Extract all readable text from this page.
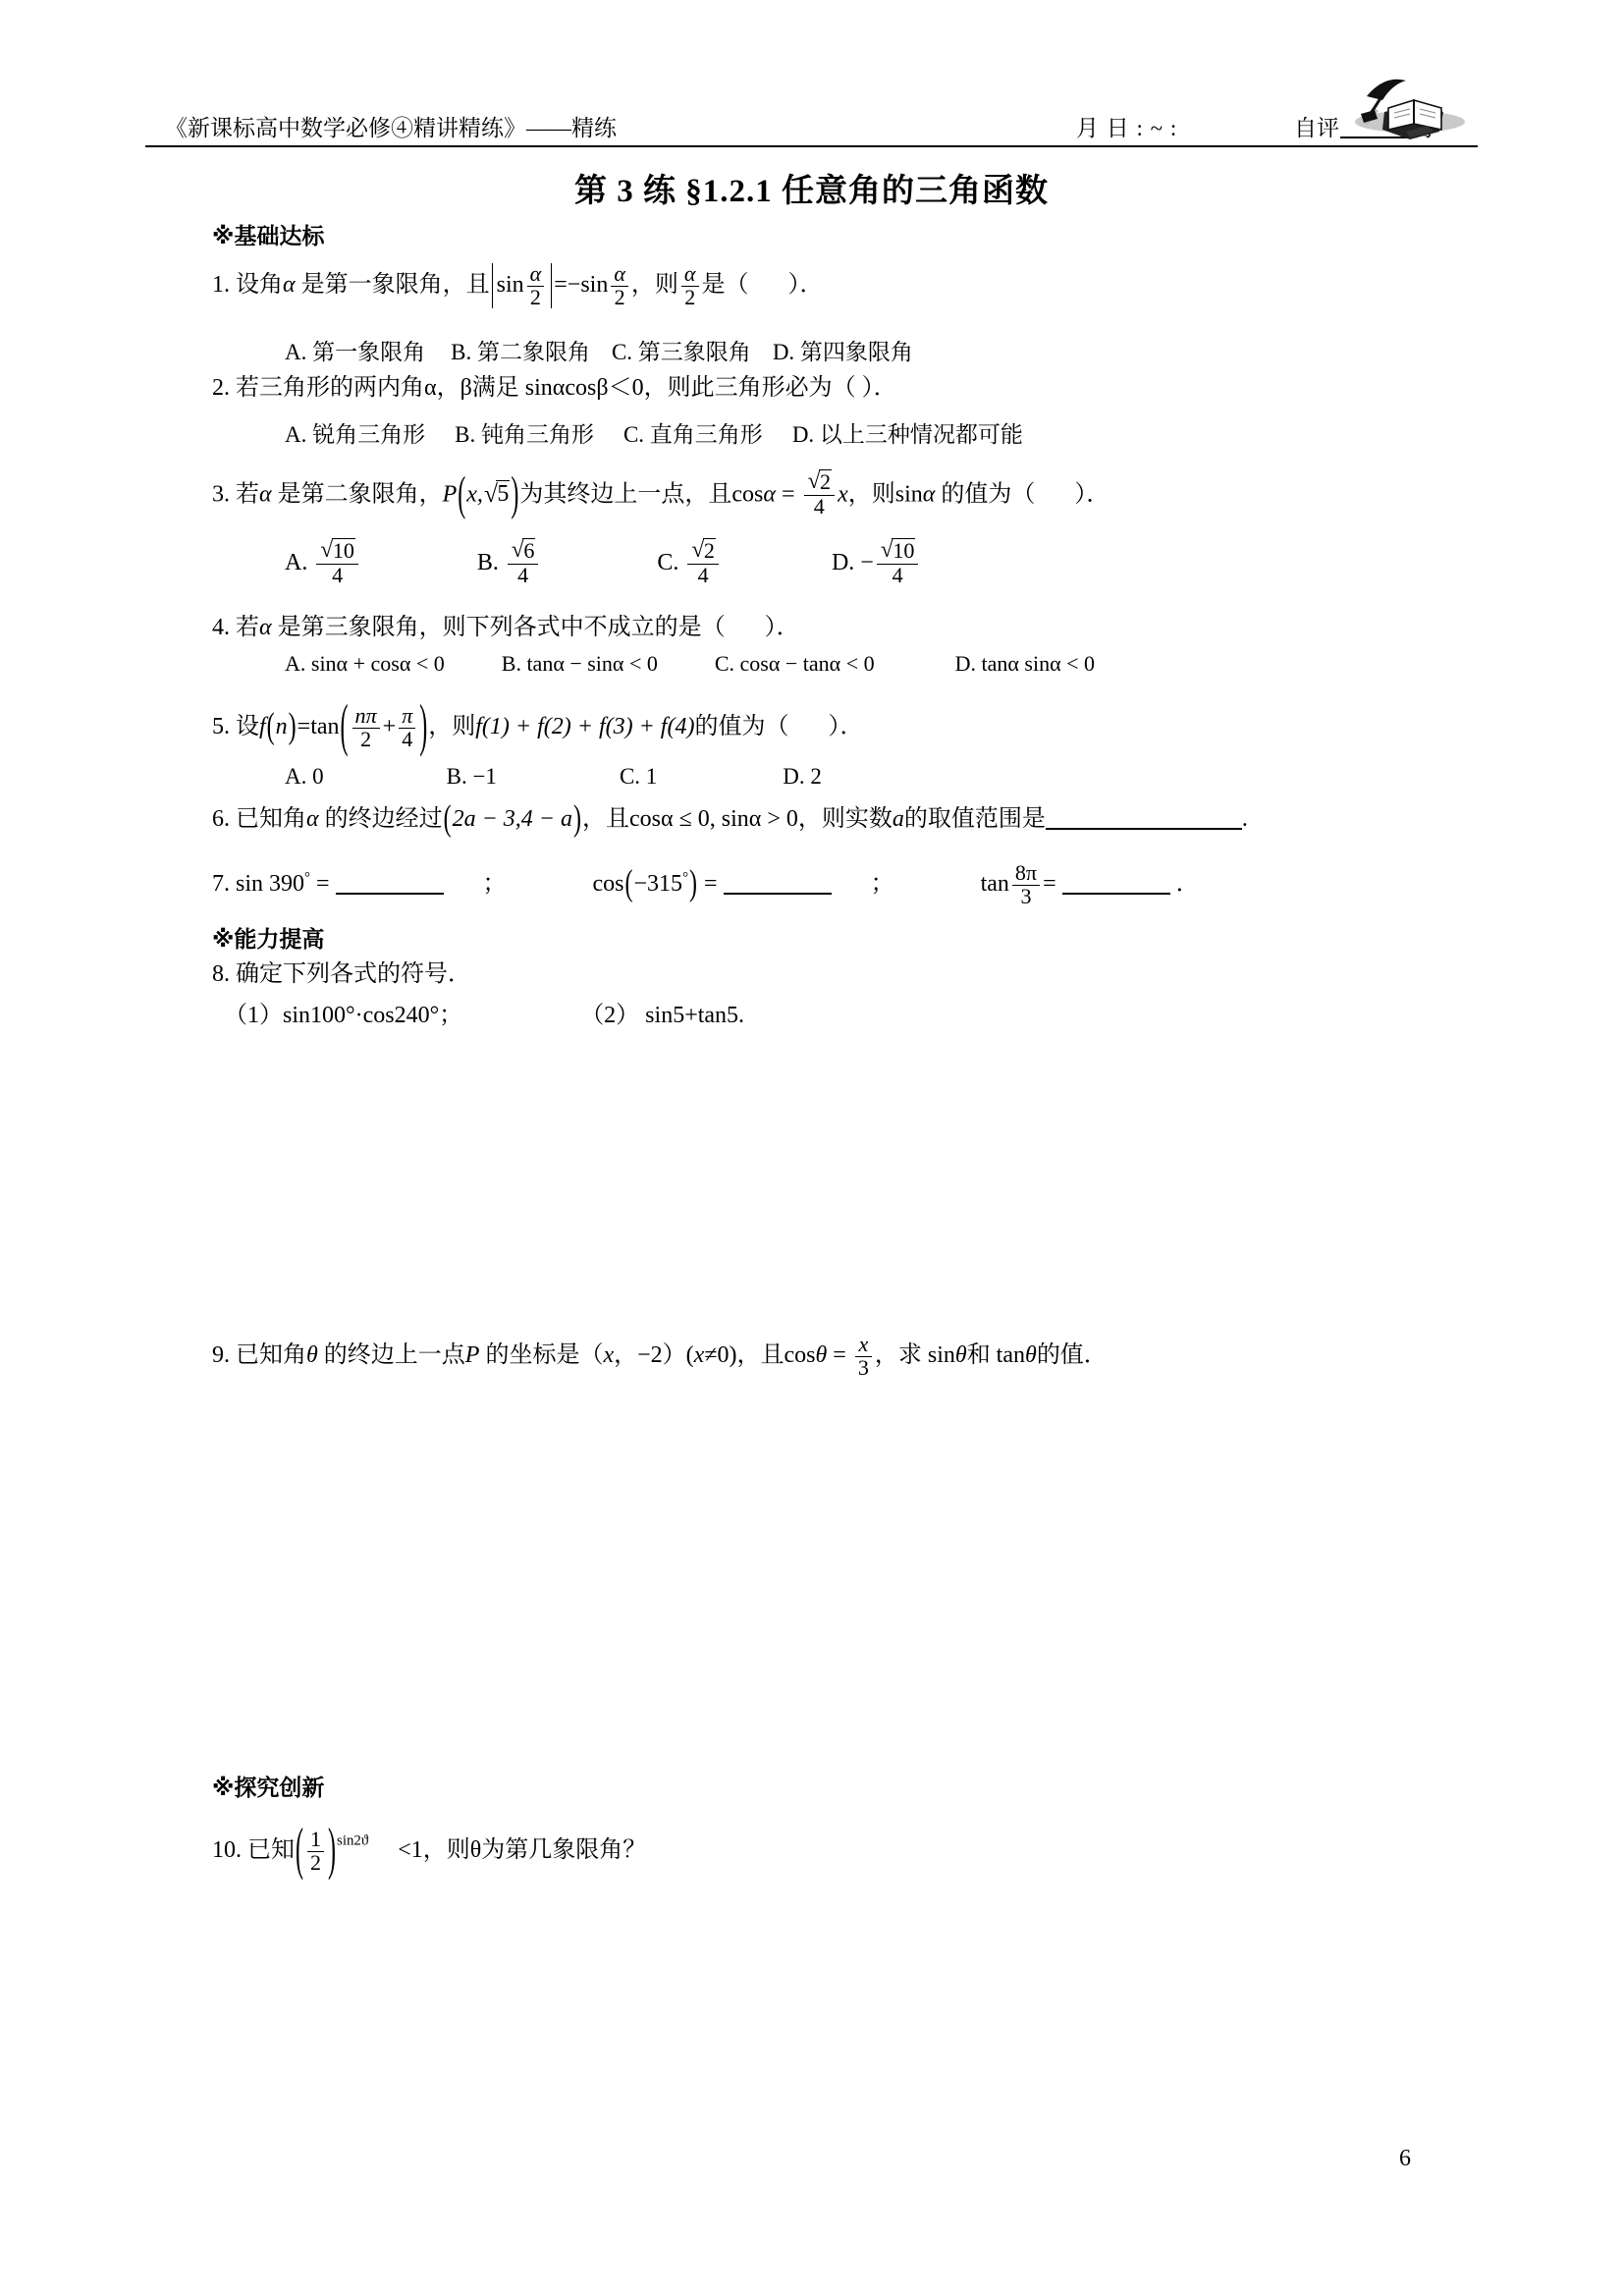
《新课标高中数学必修④精讲精练》——精练	月 日 : ~ :	自评
第 3 练 §1.2.1 任意角的三角函数
※基础达标
1. 设角α 是第一象限角，且 $\sin \frac{\alpha}{2} =-\sin \frac{\alpha}{2}$ ，则 $\frac{\alpha}{2}$ 是（ ）．
A. 第一象限角 B. 第二象限角 C. 第三象限角 D. 第四象限角
2. 若三角形的两内角α，β满足 sinαcosβ＜0，则此三角形必为（ ）．
A. 锐角三角形 B. 钝角三角形 C. 直角三角形 D. 以上三种情况都可能
3. 若α 是第二象限角，P(x, √ 5)为其终边上一点，且$\cos\alpha = \frac{√ 2}{4}$ x，则sinα 的值为（ ）．
A. $\frac{√ 10}{4}$	B. $\frac{√ 6}{4}$	C. $\frac{√ 2}{4}$	D. − $\frac{√ 10}{4}$
4. 若α 是第三象限角，则下列各式中不成立的是（ ）．
A. sinα + cosα < 0	B. tanα − sinα < 0	C. cosα − tanα < 0	D. tanα sinα < 0
5. 设$f(n)=\tan( \frac{n\pi}{2} + \frac{\pi}{4}$ )，则f(1) + f(2) + f(3) + f(4)的值为（ ）．
A. 0	B. −1	C. 1	D. 2
6. 已知角α 的终边经过(2a − 3,4 − a)，且cosα ≤ 0, sinα > 0，则实数a的取值范围是	.
7. sin 390° =	；	cos(−315°) =	；	$\tan \frac{8\pi}{3}$ =	．
※能力提高
8. 确定下列各式的符号．
（1）sin100°·cos240°；	（2） sin5+tan5.
9. 已知角θ 的终边上一点P 的坐标是（x，−2）(x≠0)，且$\cos\theta = \frac{x}{3}$ ，求 sinθ和 tanθ的值．
※探究创新
10. 已知( $\frac{1}{2} )^{sin2ϑ} <1$，则θ为第几象限角？
6
